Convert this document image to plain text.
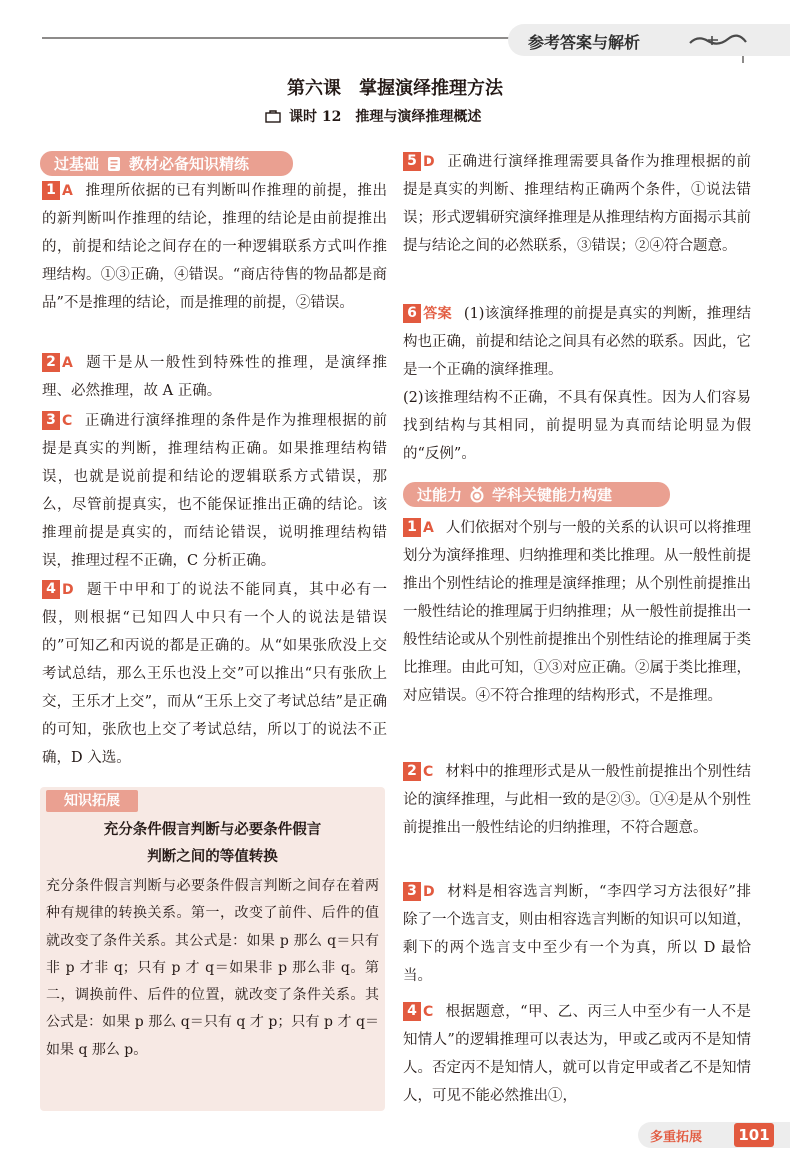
参考答案与解析
第六课　掌握演绎推理方法
课时 12　推理与演绎推理概述
过基础 教材必备知识精练
1 A 推理所依据的已有判断叫作推理的前提，推出的新判断叫作推理的结论，推理的结论是由前提推出的，前提和结论之间存在的一种逻辑联系方式叫作推理结构。①③正确，④错误。“商店待售的物品都是商品”不是推理的结论，而是推理的前提，②错误。
2 A 题干是从一般性到特殊性的推理，是演绎推理、必然推理，故 A 正确。
3 C 正确进行演绎推理的条件是作为推理根据的前提是真实的判断，推理结构正确。如果推理结构错误，也就是说前提和结论的逻辑联系方式错误，那么，尽管前提真实，也不能保证推出正确的结论。该推理前提是真实的，而结论错误，说明推理结构错误，推理过程不正确，C 分析正确。
4 D 题干中甲和丁的说法不能同真，其中必有一假，则根据“已知四人中只有一个人的说法是错误的”可知乙和丙说的都是正确的。从“如果张欣没上交考试总结，那么王乐也没上交”可以推出“只有张欣上交，王乐才上交”，而从“王乐上交了考试总结”是正确的可知，张欣也上交了考试总结，所以丁的说法不正确，D 入选。
知识拓展
充分条件假言判断与必要条件假言
判断之间的等值转换
充分条件假言判断与必要条件假言判断之间存在着两种有规律的转换关系。第一，改变了前件、后件的值就改变了条件关系。其公式是：如果 p 那么 q＝只有非 p 才非 q；只有 p 才 q＝如果非 p 那么非 q。第二，调换前件、后件的位置，就改变了条件关系。其公式是：如果 p 那么 q＝只有 q 才 p；只有 p 才 q＝如果 q 那么 p。
5 D 正确进行演绎推理需要具备作为推理根据的前提是真实的判断、推理结构正确两个条件，①说法错误；形式逻辑研究演绎推理是从推理结构方面揭示其前提与结论之间的必然联系，③错误；②④符合题意。
6 答案 (1)该演绎推理的前提是真实的判断，推理结构也正确，前提和结论之间具有必然的联系。因此，它是一个正确的演绎推理。
(2)该推理结构不正确，不具有保真性。因为人们容易找到结构与其相同，前提明显为真而结论明显为假的“反例”。
过能力 学科关键能力构建
1 A 人们依据对个别与一般的关系的认识可以将推理划分为演绎推理、归纳推理和类比推理。从一般性前提推出个别性结论的推理是演绎推理；从个别性前提推出一般性结论的推理属于归纳推理；从一般性前提推出一般性结论或从个别性前提推出个别性结论的推理属于类比推理。由此可知，①③对应正确。②属于类比推理，对应错误。④不符合推理的结构形式，不是推理。
2 C 材料中的推理形式是从一般性前提推出个别性结论的演绎推理，与此相一致的是②③。①④是从个别性前提推出一般性结论的归纳推理，不符合题意。
3 D 材料是相容选言判断，“李四学习方法很好”排除了一个选言支，则由相容选言判断的知识可以知道，剩下的两个选言支中至少有一个为真，所以 D 最恰当。
4 C 根据题意，“甲、乙、丙三人中至少有一人不是知情人”的逻辑推理可以表达为，甲或乙或丙不是知情人。否定丙不是知情人，就可以肯定甲或者乙不是知情人，可见不能必然推出①，
多重拓展 101
